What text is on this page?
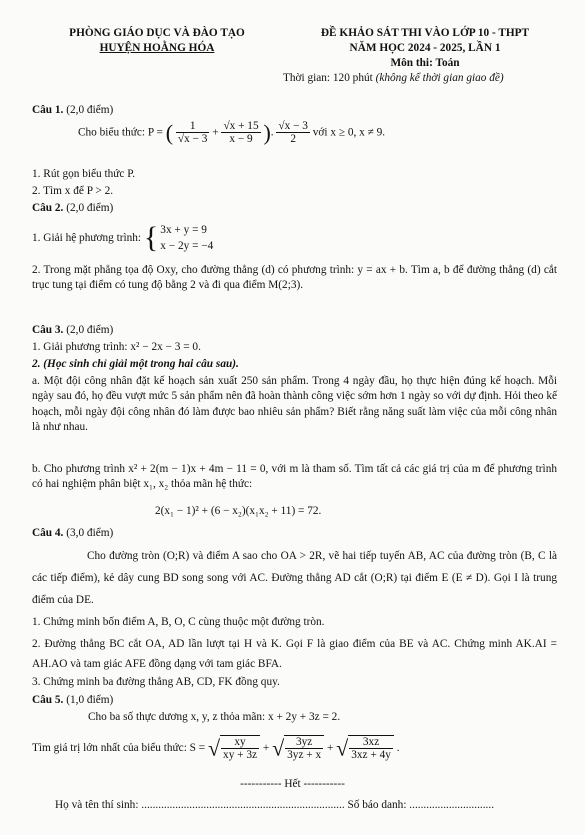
PHÒNG GIÁO DỤC VÀ ĐÀO TẠO
HUYỆN HOẰNG HÓA
ĐỀ KHẢO SÁT THI VÀO LỚP 10 - THPT
NĂM HỌC 2024 - 2025, LẦN 1
Môn thi: Toán
Thời gian: 120 phút (không kể thời gian giao đề)
Câu 1. (2,0 điểm)
Cho biểu thức: P = ( $\frac{1}{√x - 3} + \frac{√x + 15}{x - 9}$ ). $\frac{√x - 3}{2}$ với x ≥ 0, x ≠ 9.
1. Rút gọn biểu thức P.
2. Tìm x để P > 2.
Câu 2. (2,0 điểm)
1. Giải hệ phương trình: { 3x + y = 9
x − 2y = −4
2. Trong mặt phẳng tọa độ Oxy, cho đường thẳng (d) có phương trình: y = ax + b. Tìm a, b để đường thẳng (d) cắt trục tung tại điểm có tung độ bằng 2 và đi qua điểm M(2;3).
Câu 3. (2,0 điểm)
1. Giải phương trình: x² − 2x − 3 = 0.
2. (Học sinh chỉ giải một trong hai câu sau).
a. Một đội công nhân đặt kế hoạch sản xuất 250 sản phẩm. Trong 4 ngày đầu, họ thực hiện đúng kế hoạch. Mỗi ngày sau đó, họ đều vượt mức 5 sản phẩm nên đã hoàn thành công việc sớm hơn 1 ngày so với dự định. Hỏi theo kế hoạch, mỗi ngày đội công nhân đó làm được bao nhiêu sản phẩm? Biết rằng năng suất làm việc của mỗi công nhân là như nhau.
b. Cho phương trình x² + 2(m − 1)x + 4m − 11 = 0, với m là tham số. Tìm tất cả các giá trị của m để phương trình có hai nghiệm phân biệt x₁, x₂ thỏa mãn hệ thức:
2(x₁ − 1)² + (6 − x₂)(x₁x₂ + 11) = 72.
Câu 4. (3,0 điểm)
Cho đường tròn (O;R) và điểm A sao cho OA > 2R, vẽ hai tiếp tuyến AB, AC của đường tròn (B, C là các tiếp điểm), kẻ dây cung BD song song với AC. Đường thẳng AD cắt (O;R) tại điểm E (E ≠ D). Gọi I là trung điểm của DE.
1. Chứng minh bốn điểm A, B, O, C cùng thuộc một đường tròn.
2. Đường thẳng BC cắt OA, AD lần lượt tại H và K. Gọi F là giao điểm của BE và AC. Chứng minh AK.AI = AH.AO và tam giác AFE đồng dạng với tam giác BFA.
3. Chứng minh ba đường thẳng AB, CD, FK đồng quy.
Câu 5. (1,0 điểm)
Cho ba số thực dương x, y, z thỏa mãn: x + 2y + 3z = 2.
Tìm giá trị lớn nhất của biểu thức: S = √ $\frac{xy}{xy + 3z}$ + √ $\frac{3yz}{3yz + x}$ + √ $\frac{3xz}{3xz + 4y}$ .
----------- Hết -----------
Họ và tên thí sinh: ........................................................................ Số báo danh: ..............................
